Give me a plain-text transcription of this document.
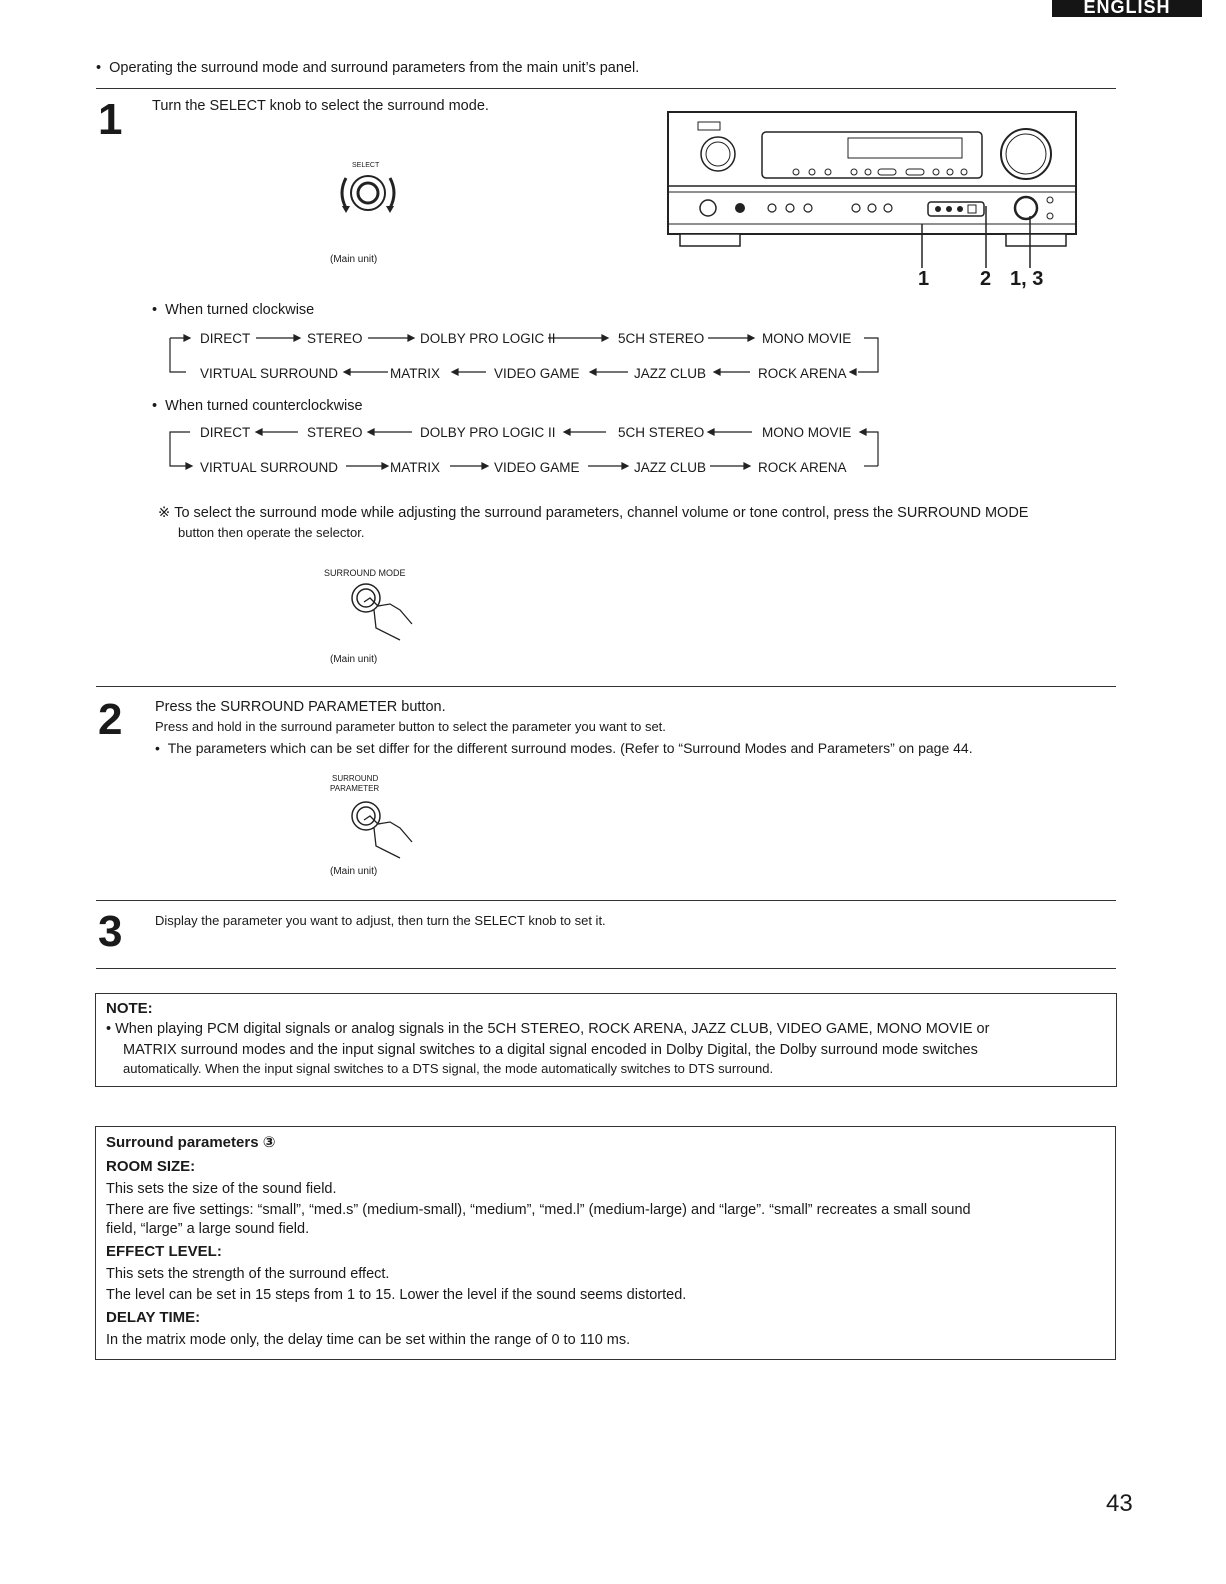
ENGLISH
•  Operating the surround mode and surround parameters from the main unit’s panel.
1 Turn the SELECT knob to select the surround mode.
SELECT
(Main unit)
1	2 1, 3
•  When turned clockwise
DIRECT	STEREO	DOLBY PRO LOGIC II	5CH STEREO	MONO MOVIE
VIRTUAL SURROUND	MATRIX	VIDEO GAME	JAZZ CLUB	ROCK ARENA
•  When turned counterclockwise
DIRECT	STEREO	DOLBY PRO LOGIC II	5CH STEREO	MONO MOVIE
VIRTUAL SURROUND	MATRIX	VIDEO GAME	JAZZ CLUB	ROCK ARENA
※ To select the surround mode while adjusting the surround parameters, channel volume or tone control, press the SURROUND MODE
button then operate the selector.
SURROUND MODE
(Main unit)
2 Press the SURROUND PARAMETER button.
Press and hold in the surround parameter button to select the parameter you want to set.
•  The parameters which can be set differ for the different surround modes. (Refer to “Surround Modes and Parameters” on page 44.
SURROUND
PARAMETER
(Main unit)
3	Display the parameter you want to adjust, then turn the SELECT knob to set it.
NOTE:
• When playing PCM digital signals or analog signals in the 5CH STEREO, ROCK ARENA, JAZZ CLUB, VIDEO GAME, MONO MOVIE or
MATRIX surround modes and the input signal switches to a digital signal encoded in Dolby Digital, the Dolby surround mode switches
automatically. When the input signal switches to a DTS signal, the mode automatically switches to DTS surround.
Surround parameters ③
ROOM SIZE:
This sets the size of the sound field.
There are five settings: “small”, “med.s” (medium-small), “medium”, “med.l” (medium-large) and “large”. “small” recreates a small sound
field, “large” a large sound field.
EFFECT LEVEL:
This sets the strength of the surround effect.
The level can be set in 15 steps from 1 to 15. Lower the level if the sound seems distorted.
DELAY TIME:
In the matrix mode only, the delay time can be set within the range of 0 to 110 ms.
43
